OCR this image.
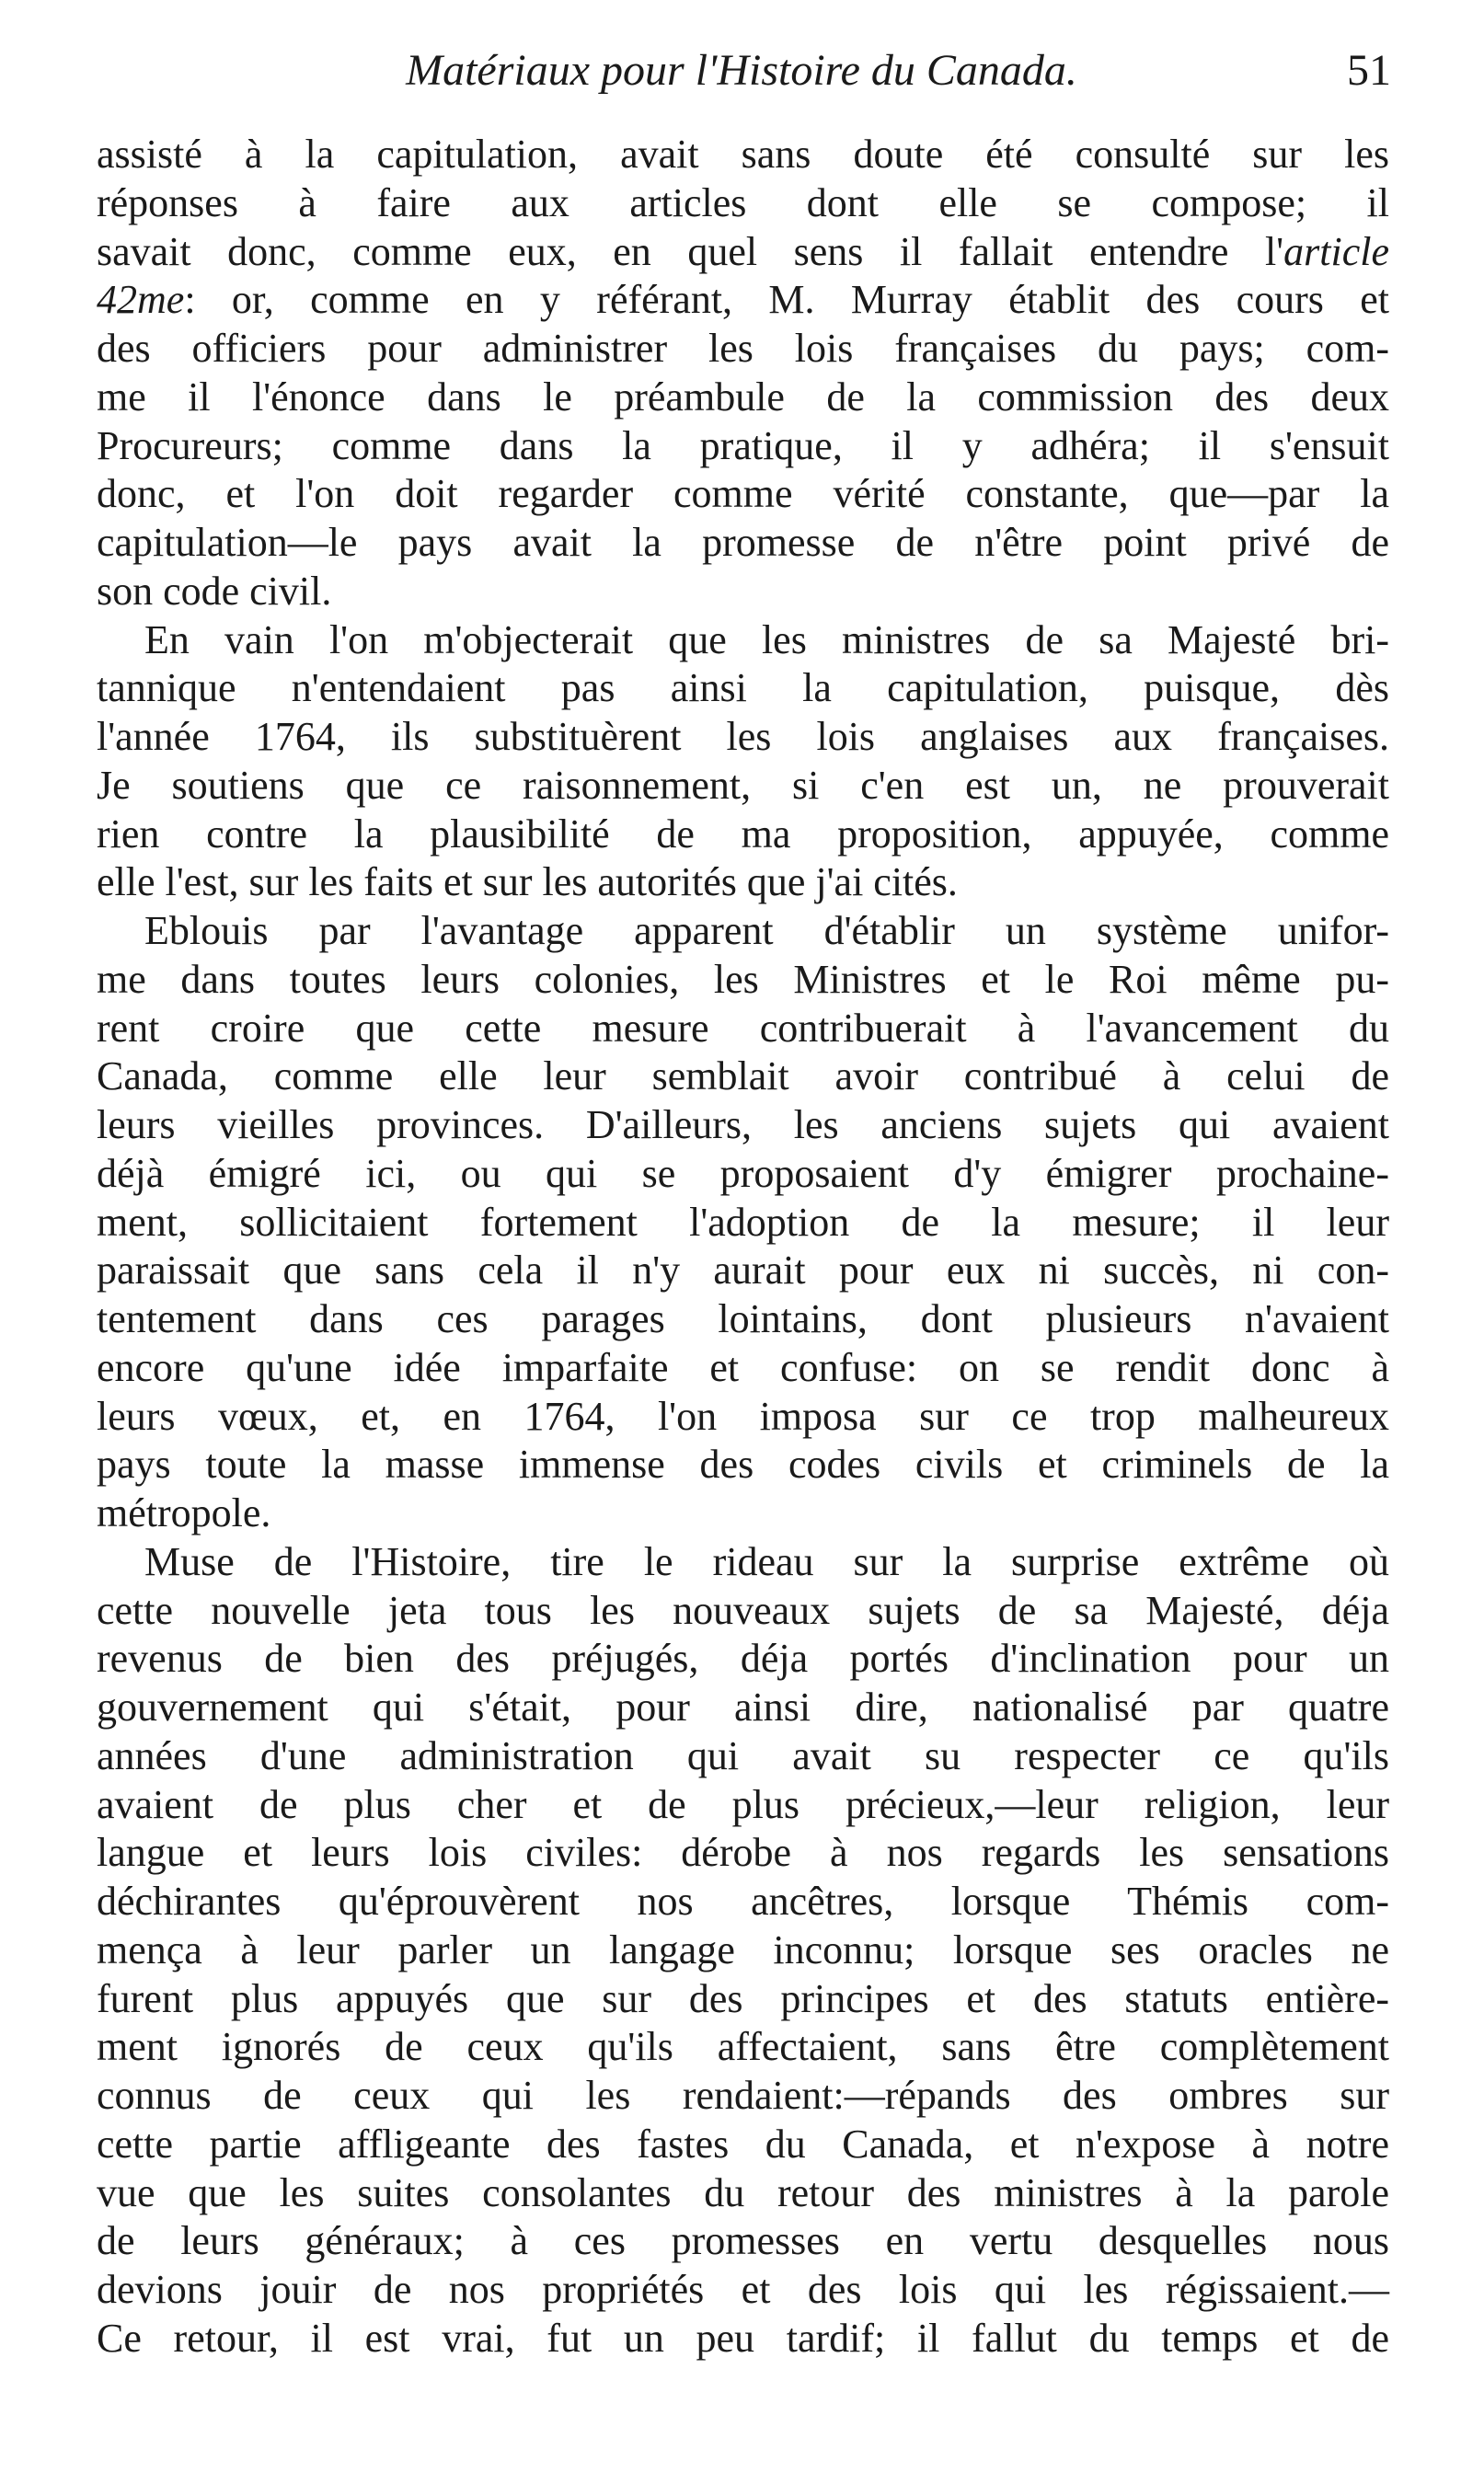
Matériaux pour l'Histoire du Canada.	51
assisté à la capitulation, avait sans doute été consulté sur les
réponses à faire aux articles dont elle se compose; il
savait donc, comme eux, en quel sens il fallait entendre l'article
42me: or, comme en y référant, M. Murray établit des cours et
des officiers pour administrer les lois françaises du pays; com-
me il l'énonce dans le préambule de la commission des deux
Procureurs; comme dans la pratique, il y adhéra; il s'ensuit
donc, et l'on doit regarder comme vérité constante, que—par la
capitulation—le pays avait la promesse de n'être point privé de
son code civil.
En vain l'on m'objecterait que les ministres de sa Majesté bri-
tannique n'entendaient pas ainsi la capitulation, puisque, dès
l'année 1764, ils substituèrent les lois anglaises aux françaises.
Je soutiens que ce raisonnement, si c'en est un, ne prouverait
rien contre la plausibilité de ma proposition, appuyée, comme
elle l'est, sur les faits et sur les autorités que j'ai cités.
Eblouis par l'avantage apparent d'établir un système unifor-
me dans toutes leurs colonies, les Ministres et le Roi même pu-
rent croire que cette mesure contribuerait à l'avancement du
Canada, comme elle leur semblait avoir contribué à celui de
leurs vieilles provinces. D'ailleurs, les anciens sujets qui avaient
déjà émigré ici, ou qui se proposaient d'y émigrer prochaine-
ment, sollicitaient fortement l'adoption de la mesure; il leur
paraissait que sans cela il n'y aurait pour eux ni succès, ni con-
tentement dans ces parages lointains, dont plusieurs n'avaient
encore qu'une idée imparfaite et confuse: on se rendit donc à
leurs vœux, et, en 1764, l'on imposa sur ce trop malheureux
pays toute la masse immense des codes civils et criminels de la
métropole.
Muse de l'Histoire, tire le rideau sur la surprise extrême où
cette nouvelle jeta tous les nouveaux sujets de sa Majesté, déja
revenus de bien des préjugés, déja portés d'inclination pour un
gouvernement qui s'était, pour ainsi dire, nationalisé par quatre
années d'une administration qui avait su respecter ce qu'ils
avaient de plus cher et de plus précieux,—leur religion, leur
langue et leurs lois civiles: dérobe à nos regards les sensations
déchirantes qu'éprouvèrent nos ancêtres, lorsque Thémis com-
mença à leur parler un langage inconnu; lorsque ses oracles ne
furent plus appuyés que sur des principes et des statuts entière-
ment ignorés de ceux qu'ils affectaient, sans être complètement
connus de ceux qui les rendaient:—répands des ombres sur
cette partie affligeante des fastes du Canada, et n'expose à notre
vue que les suites consolantes du retour des ministres à la parole
de leurs généraux; à ces promesses en vertu desquelles nous
devions jouir de nos propriétés et des lois qui les régissaient.—
Ce retour, il est vrai, fut un peu tardif; il fallut du temps et de
